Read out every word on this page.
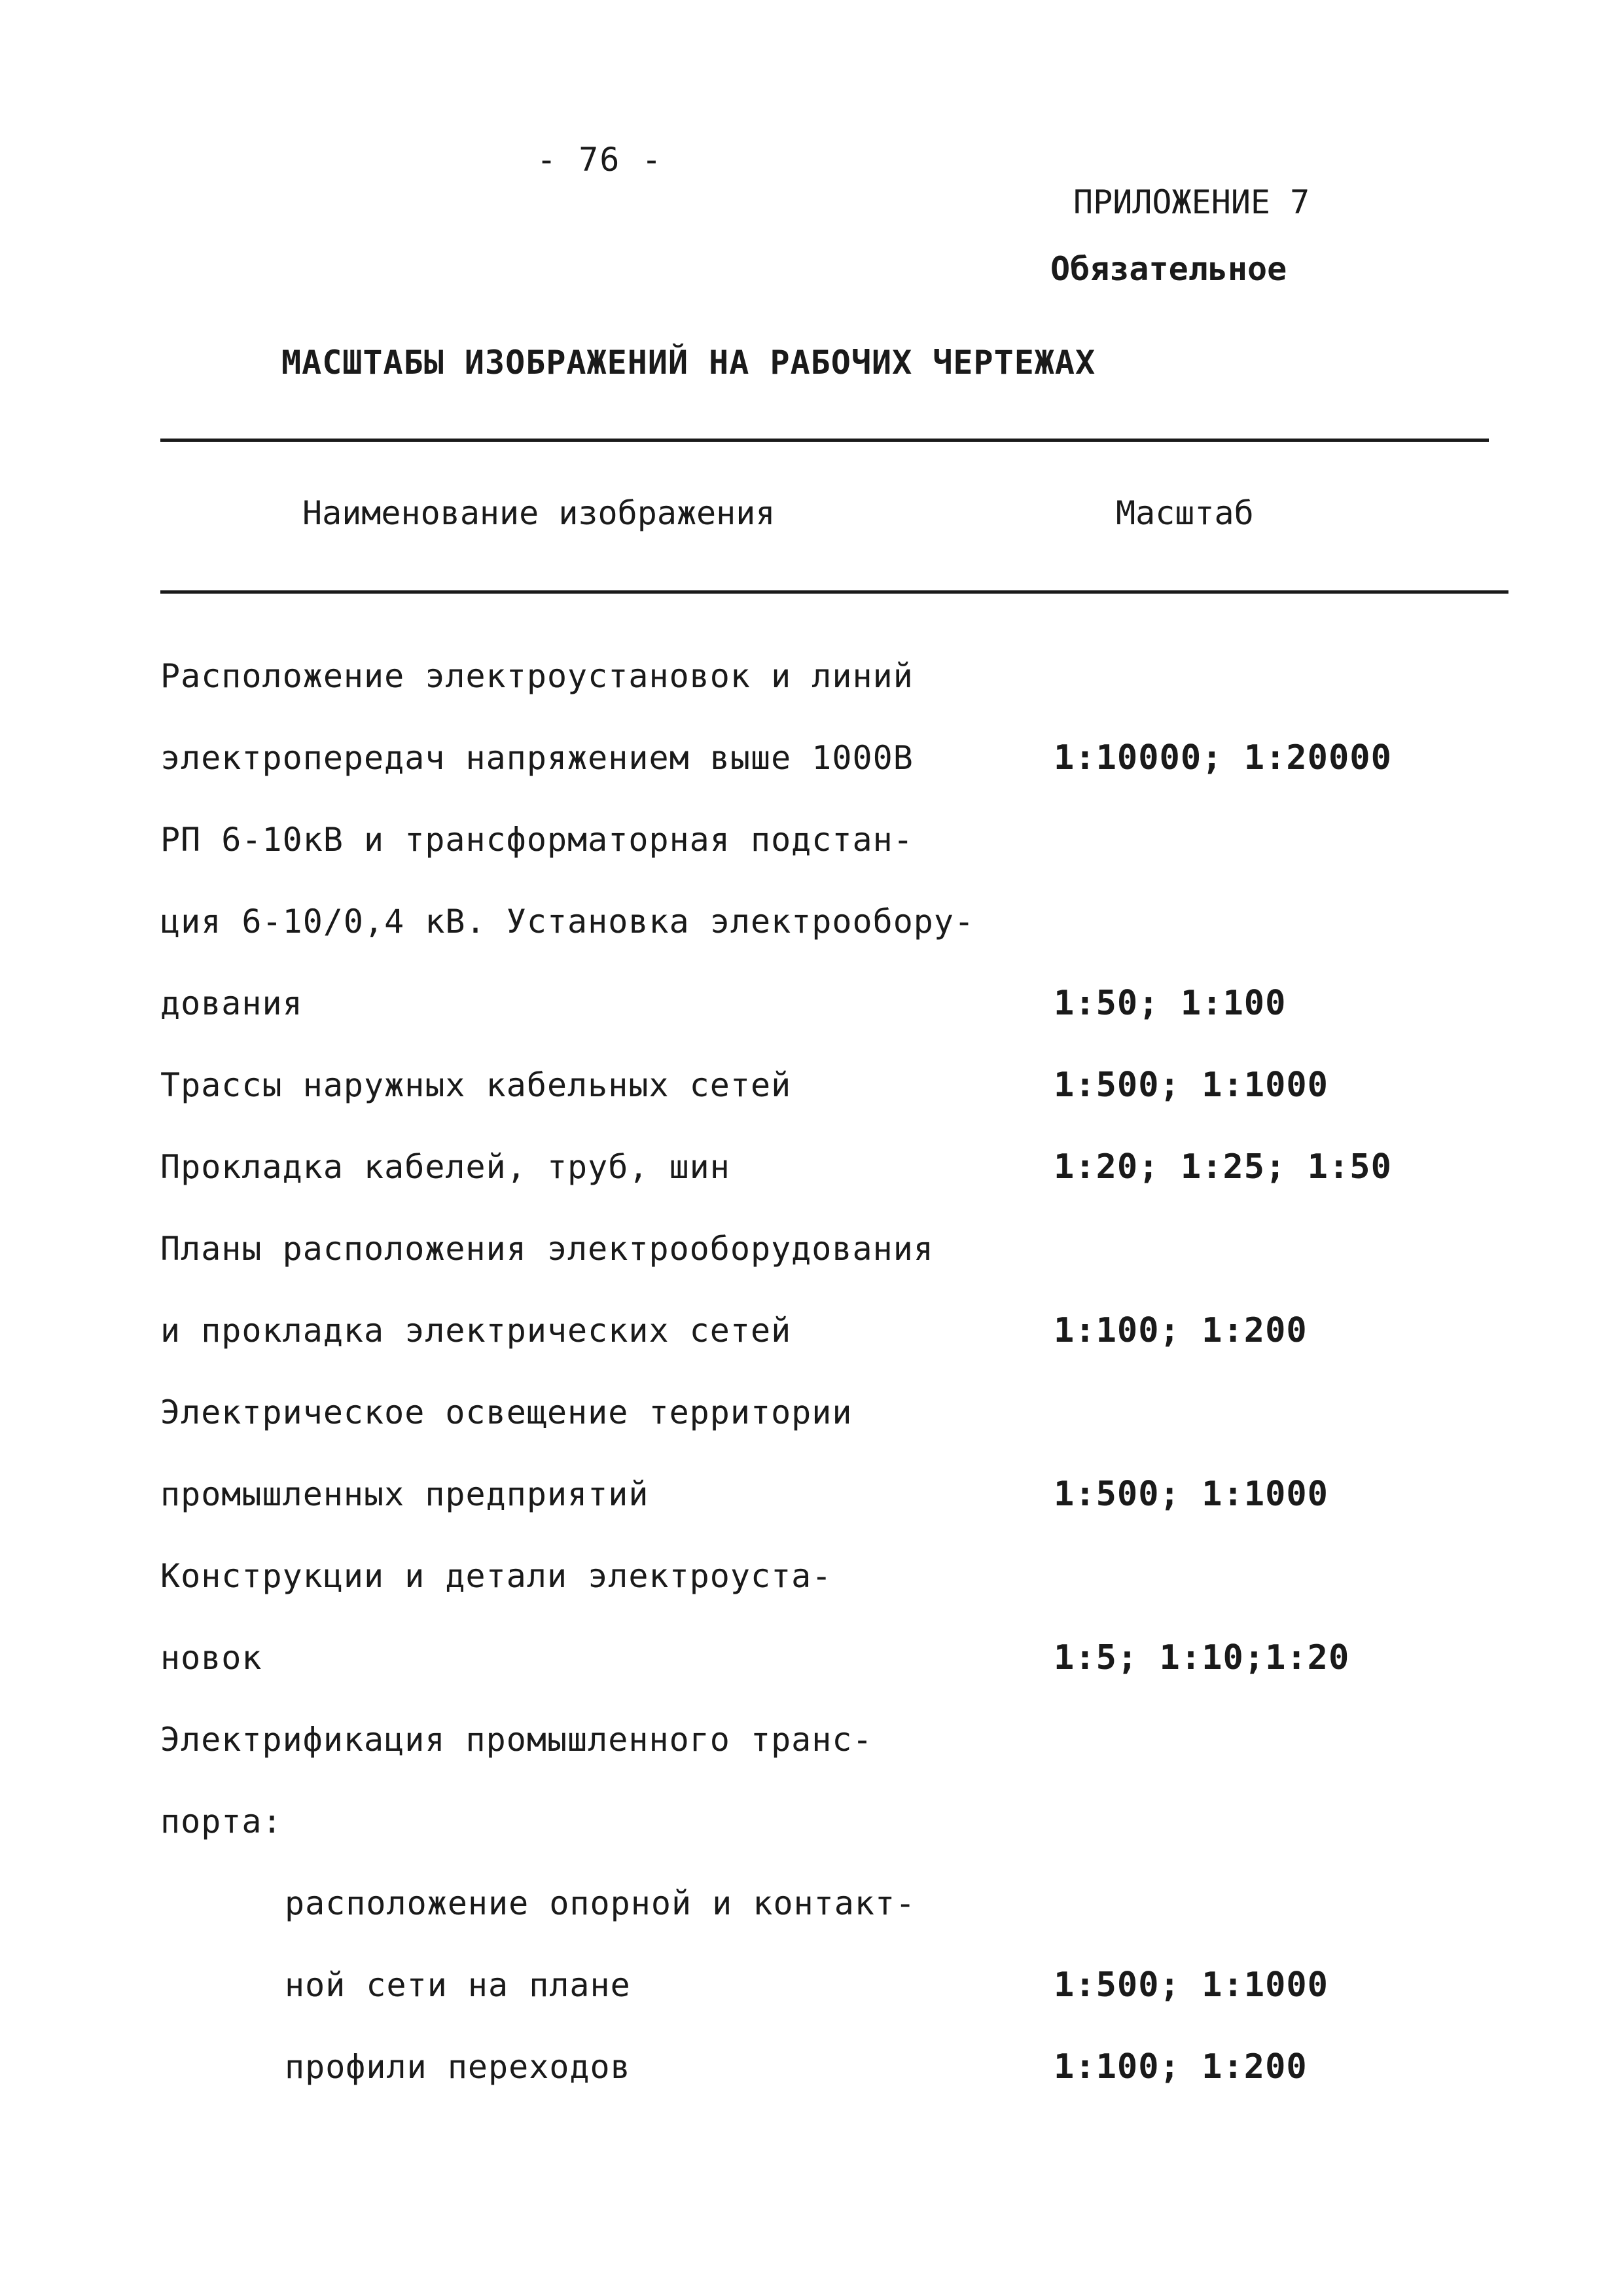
- 76 -
ПРИЛОЖЕНИЕ 7
Обязательное
МАСШТАБЫ ИЗОБРАЖЕНИЙ НА РАБОЧИХ ЧЕРТЕЖАХ
Наименование изображения	Масштаб
Расположение электроустановок и линий
электропередач напряжением выше 1000В	1:10000; 1:20000
РП 6-10кВ и трансформаторная подстан-
ция 6-10/0,4 кВ. Установка электрообору-
дования	1:50; 1:100
Трассы наружных кабельных сетей	1:500; 1:1000
Прокладка кабелей, труб, шин	1:20; 1:25; 1:50
Планы расположения электрооборудования
и прокладка электрических сетей	1:100; 1:200
Электрическое освещение территории
промышленных предприятий	1:500; 1:1000
Конструкции и детали электроуста-
новок	1:5; 1:10;1:20
Электрификация промышленного транс-
порта:
расположение опорной и контакт-
ной сети на плане	1:500; 1:1000
профили переходов	1:100; 1:200
